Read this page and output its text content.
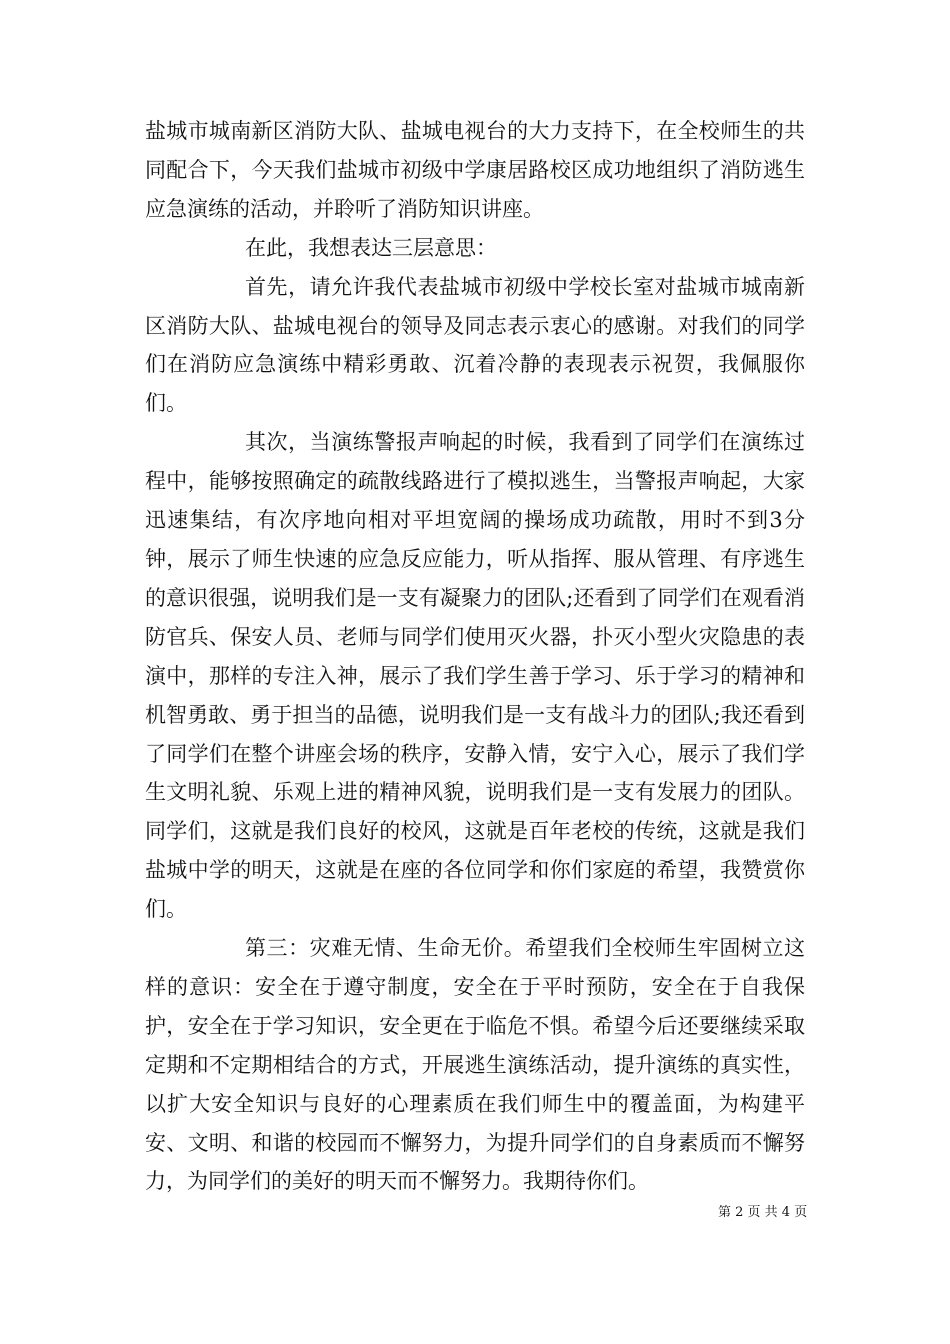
盐城市城南新区消防大队、盐城电视台的大力支持下，在全校师生的共同配合下，今天我们盐城市初级中学康居路校区成功地组织了消防逃生应急演练的活动，并聆听了消防知识讲座。

在此，我想表达三层意思：

首先，请允许我代表盐城市初级中学校长室对盐城市城南新区消防大队、盐城电视台的领导及同志表示衷心的感谢。对我们的同学们在消防应急演练中精彩勇敢、沉着冷静的表现表示祝贺，我佩服你们。

其次，当演练警报声响起的时候，我看到了同学们在演练过程中，能够按照确定的疏散线路进行了模拟逃生，当警报声响起，大家迅速集结，有次序地向相对平坦宽阔的操场成功疏散，用时不到3分钟，展示了师生快速的应急反应能力，听从指挥、服从管理、有序逃生的意识很强，说明我们是一支有凝聚力的团队;还看到了同学们在观看消防官兵、保安人员、老师与同学们使用灭火器，扑灭小型火灾隐患的表演中，那样的专注入神，展示了我们学生善于学习、乐于学习的精神和机智勇敢、勇于担当的品德，说明我们是一支有战斗力的团队;我还看到了同学们在整个讲座会场的秩序，安静入情，安宁入心，展示了我们学生文明礼貌、乐观上进的精神风貌，说明我们是一支有发展力的团队。同学们，这就是我们良好的校风，这就是百年老校的传统，这就是我们盐城中学的明天，这就是在座的各位同学和你们家庭的希望，我赞赏你们。

第三：灾难无情、生命无价。希望我们全校师生牢固树立这样的意识：安全在于遵守制度，安全在于平时预防，安全在于自我保护，安全在于学习知识，安全更在于临危不惧。希望今后还要继续采取定期和不定期相结合的方式，开展逃生演练活动，提升演练的真实性，以扩大安全知识与良好的心理素质在我们师生中的覆盖面，为构建平安、文明、和谐的校园而不懈努力，为提升同学们的自身素质而不懈努力，为同学们的美好的明天而不懈努力。我期待你们。

第 2 页 共 4 页
